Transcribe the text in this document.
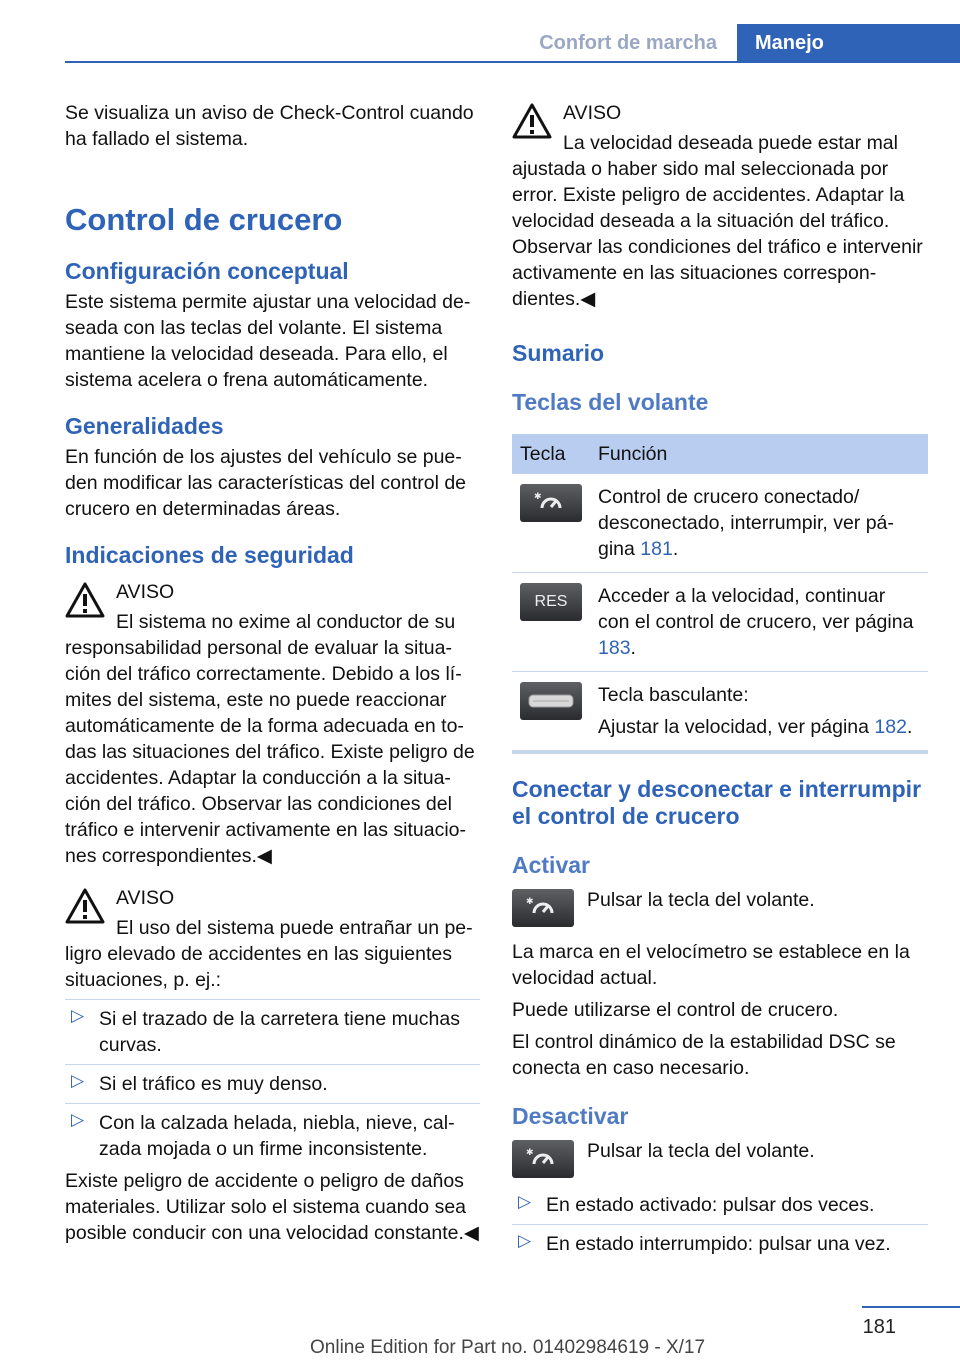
Confort de marcha Manejo

Se visualiza un aviso de Check-Control cuando ha fallado el sistema.

Control de crucero
Configuración conceptual

Este sistema permite ajustar una velocidad deseada con las teclas del volante. El sistema mantiene la velocidad deseada. Para ello, el sistema acelera o frena automáticamente.

Generalidades

En función de los ajustes del vehículo se pueden modificar las características del control de crucero en determinadas áreas.

Indicaciones de seguridad

AVISO

El sistema no exime al conductor de su responsabilidad personal de evaluar la situación del tráfico correctamente. Debido a los límites del sistema, este no puede reaccionar automáticamente de la forma adecuada en todas las situaciones del tráfico. Existe peligro de accidentes. Adaptar la conducción a la situación del tráfico. Observar las condiciones del tráfico e intervenir activamente en las situaciones correspondientes.◀

AVISO

El uso del sistema puede entrañar un peligro elevado de accidentes en las siguientes situaciones, p. ej.:

▷ Si el trazado de la carretera tiene muchas curvas.

▷ Si el tráfico es muy denso.

▷ Con la calzada helada, niebla, nieve, calzada mojada o un firme inconsistente.

Existe peligro de accidente o peligro de daños materiales. Utilizar solo el sistema cuando sea posible conducir con una velocidad constante.◀

AVISO

La velocidad deseada puede estar mal ajustada o haber sido mal seleccionada por error. Existe peligro de accidentes. Adaptar la velocidad deseada a la situación del tráfico. Observar las condiciones del tráfico e intervenir activamente en las situaciones correspondientes.◀

Sumario
Teclas del volante
Tecla	Función

✱	Control de crucero conectado/ desconectado, interrumpir, ver página 181.

RES	Acceder a la velocidad, continuar con el control de crucero, ver página 183.

	Tecla basculante:
Ajustar la velocidad, ver página 182.
Conectar y desconectar e interrumpir el control de crucero
Activar
✱	Pulsar la tecla del volante.

La marca en el velocímetro se establece en la velocidad actual.

Puede utilizarse el control de crucero.

El control dinámico de la estabilidad DSC se conecta en caso necesario.

Desactivar
✱	Pulsar la tecla del volante.

▷ En estado activado: pulsar dos veces.

▷ En estado interrumpido: pulsar una vez.

181
Online Edition for Part no. 01402984619 - X/17
